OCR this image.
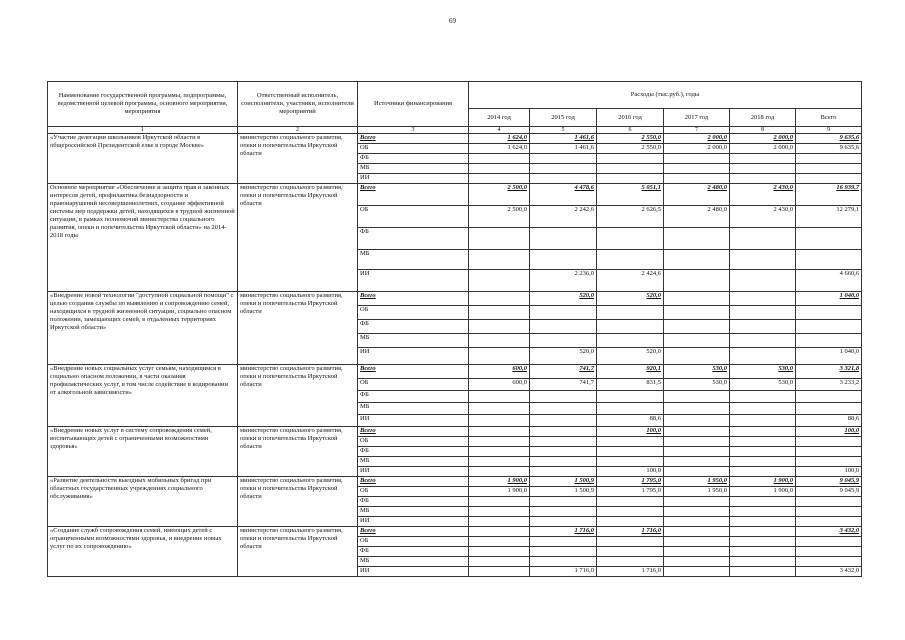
69
Наименование государственной программы, подпрограммы, ведомственной целевой программы, основного мероприятия, мероприятия	Ответственный исполнитель, соисполнители, участники, исполнители мероприятий	Источники финансирования	Расходы (тыс.руб.), годы					
			2014 год	2015 год	2016 год	2017 год	2018 год	Всего
1	2	3	4	5	6	7	8	9
«Участие делегации школьников Иркутской области в общероссийской Президентской елке в городе Москве»	министерство социального развития, опеки и попечительства Иркутской области	Всего	1 624,0	1 461,6	2 550,0	2 000,0	2 000,0	9 635,6
		ОБ	1 624,0	1 461,6	2 550,0	2 000,0	2 000,0	9 635,6
		ФБ						
		МБ						
		ИИ						
Основное мероприятие «Обеспечение и защита прав и законных интересов детей, профилактика безнадзорности и правонарушений несовершеннолетних, создание эффективной системы мер поддержки детей, находящихся в трудной жизненной ситуации, в рамках полномочий министерства социального развития, опеки и попечительства Иркутской области» на 2014-2018 годы	министерство социального развития, опеки и попечительства Иркутской области	Всего	2 500,0	4 478,6	5 051,1	2 480,0	2 430,0	16 939,7
		ОБ	2 500,0	2 242,6	2 626,5	2 480,0	2 430,0	12 279,1
		ФБ						
		МБ						
		ИИ		2 236,0	2 424,6			4 660,6
«Внедрение новой технологии "доступной социальной помощи" с целью создания службы по выявлению и сопровождению семей, находящихся в трудной жизненной ситуации, социально опасном положении, замещающих семей, в отдаленных территориях Иркутской области»	министерство социального развития, опеки и попечительства Иркутской области	Всего		520,0	520,0			1 040,0
		ОБ						
		ФБ						
		МБ						
		ИИ		520,0	520,0			1 040,0
«Внедрение новых социальных услуг семьям, находящимся в социально опасном положении, в части оказания профилактических услуг, в том числе содействие в кодировании от алкогольной зависимости»	министерство социального развития, опеки и попечительства Иркутской области	Всего	600,0	741,7	920,1	530,0	530,0	3 321,8
		ОБ	600,0	741,7	831,5	530,0	530,0	3 233,2
		ФБ						
		МБ						
		ИИ			88,6			88,6
«Внедрение новых услуг в систему сопровождения семей, воспитывающих детей с ограниченными возможностями здоровья»	министерство социального развития, опеки и попечительства Иркутской области	Всего			100,0			100,0
		ОБ						
		ФБ						
		МБ						
		ИИ			100,0			100,0
«Развитие деятельности выездных мобильных бригад при областных государственных учреждениях социального обслуживания»	министерство социального развития, опеки и попечительства Иркутской области	Всего	1 900,0	1 500,9	1 795,0	1 950,0	1 900,0	9 045,9
		ОБ	1 900,0	1 500,9	1 795,0	1 950,0	1 900,0	9 045,9
		ФБ						
		МБ						
		ИИ						
«Создание служб сопровождения семей, имеющих детей с ограниченными возможностями здоровья, и внедрение новых услуг по их сопровождению»	министерство социального развития, опеки и попечительства Иркутской области	Всего		1 716,0	1 716,0			3 432,0
		ОБ						
		ФБ						
		МБ						
		ИИ		1 716,0	1 716,0			3 432,0
